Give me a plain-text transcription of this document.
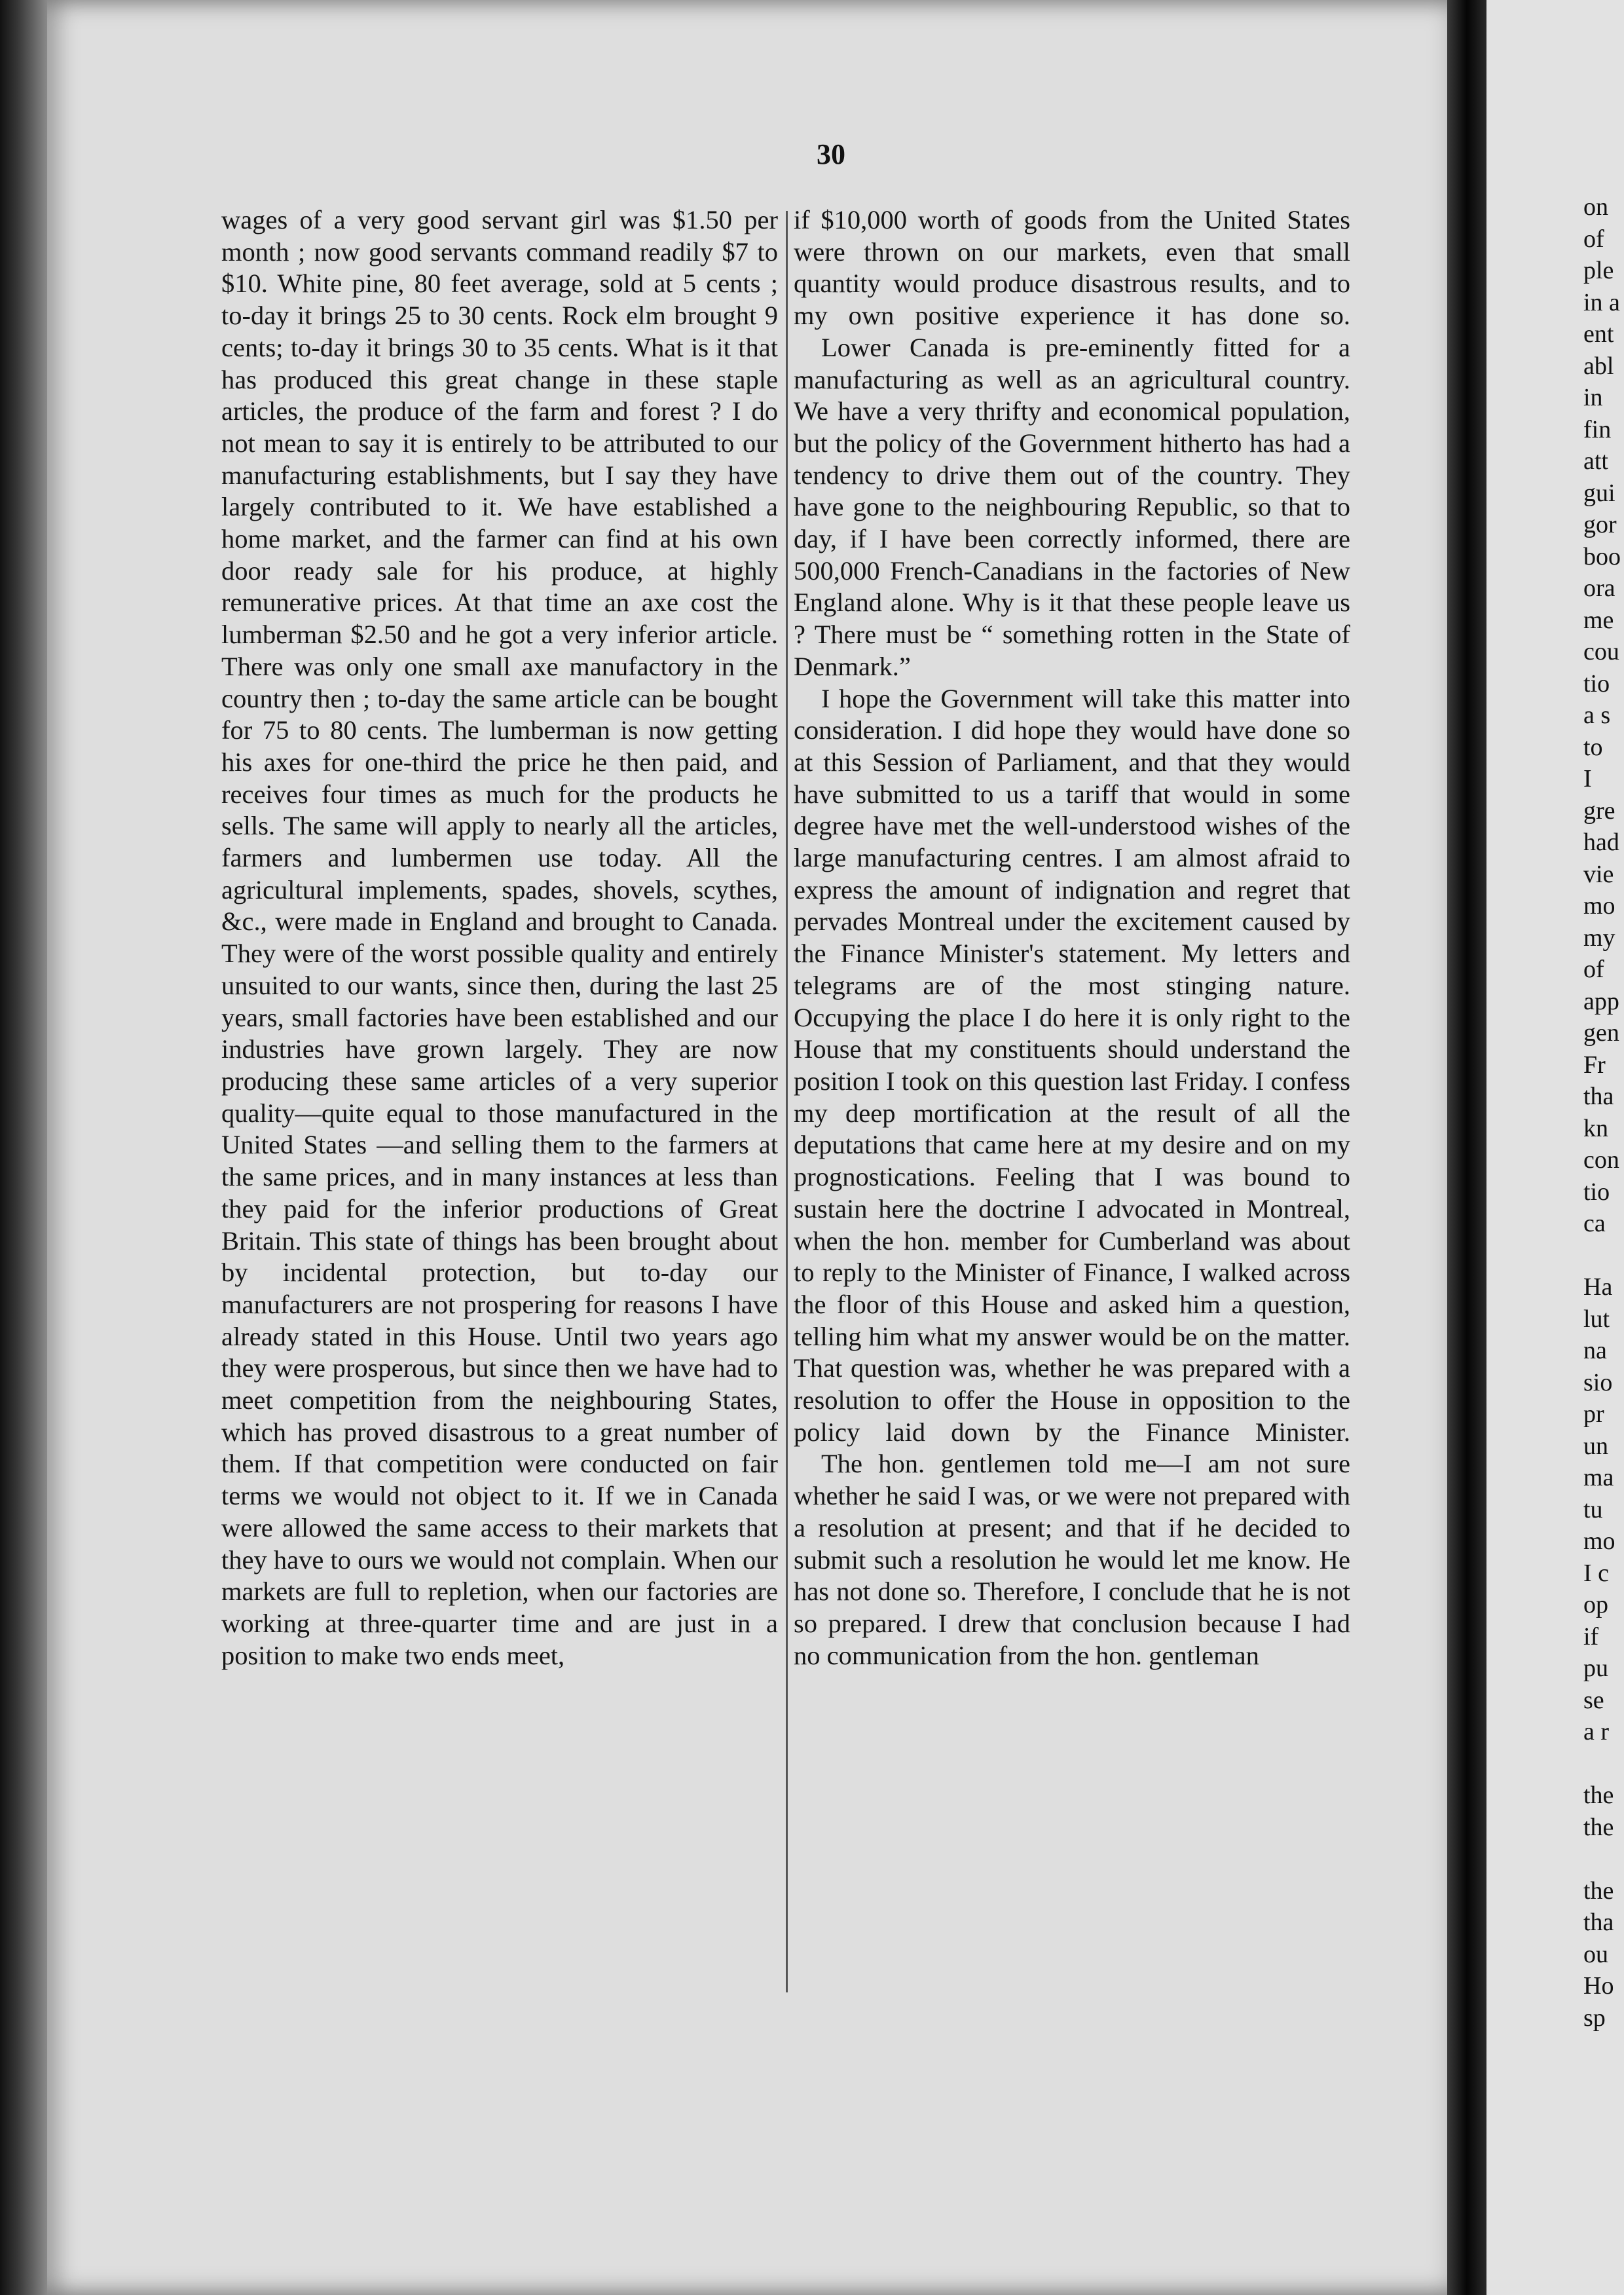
30

wages of a very good servant girl was $1.50 per month ; now good servants command readily $7 to $10. White pine, 80 feet average, sold at 5 cents ; to-day it brings 25 to 30 cents. Rock elm brought 9 cents; to-day it brings 30 to 35 cents. What is it that has produced this great change in these staple articles, the produce of the farm and forest ? I do not mean to say it is entirely to be attributed to our manufacturing establishments, but I say they have largely contributed to it. We have established a home market, and the farmer can find at his own door ready sale for his produce, at highly remunerative prices. At that time an axe cost the lumberman $2.50 and he got a very inferior article. There was only one small axe manufactory in the country then ; to-day the same article can be bought for 75 to 80 cents. The lumberman is now getting his axes for one-third the price he then paid, and receives four times as much for the products he sells. The same will apply to nearly all the articles, farmers and lumbermen use today. All the agricultural implements, spades, shovels, scythes, &c., were made in England and brought to Canada. They were of the worst possible quality and entirely unsuited to our wants, since then, during the last 25 years, small factories have been established and our industries have grown largely. They are now producing these same articles of a very superior quality—quite equal to those manufactured in the United States —and selling them to the farmers at the same prices, and in many instances at less than they paid for the inferior productions of Great Britain. This state of things has been brought about by incidental protection, but to-day our manufacturers are not prospering for reasons I have already stated in this House. Until two years ago they were prosperous, but since then we have had to meet competition from the neighbouring States, which has proved disastrous to a great number of them. If that competition were conducted on fair terms we would not object to it. If we in Canada were allowed the same access to their markets that they have to ours we would not complain. When our markets are full to repletion, when our factories are working at three-quarter time and are just in a position to make two ends meet,

if $10,000 worth of goods from the United States were thrown on our markets, even that small quantity would produce disastrous results, and to my own positive experience it has done so.

Lower Canada is pre-eminently fitted for a manufacturing as well as an agricultural country. We have a very thrifty and economical population, but the policy of the Government hitherto has had a tendency to drive them out of the country. They have gone to the neighbouring Republic, so that to day, if I have been correctly informed, there are 500,000 French-Canadians in the factories of New England alone. Why is it that these people leave us ? There must be “ something rotten in the State of Denmark.”

I hope the Government will take this matter into consideration. I did hope they would have done so at this Session of Parliament, and that they would have submitted to us a tariff that would in some degree have met the well-understood wishes of the large manufacturing centres. I am almost afraid to express the amount of indignation and regret that pervades Montreal under the excitement caused by the Finance Minister's statement. My letters and telegrams are of the most stinging nature. Occupying the place I do here it is only right to the House that my constituents should understand the position I took on this question last Friday. I confess my deep mortification at the result of all the deputations that came here at my desire and on my prognostications. Feeling that I was bound to sustain here the doctrine I advocated in Montreal, when the hon. member for Cumberland was about to reply to the Minister of Finance, I walked across the floor of this House and asked him a question, telling him what my answer would be on the matter. That question was, whether he was prepared with a resolution to offer the House in opposition to the policy laid down by the Finance Minister.

The hon. gentlemen told me—I am not sure whether he said I was, or we were not prepared with a resolution at present; and that if he decided to submit such a resolution he would let me know. He has not done so. Therefore, I conclude that he is not so prepared. I drew that conclusion because I had no communication from the hon. gentleman

on
of
ple
in a
ent
abl
in
fin
att
gui
gor
boo
ora
me
cou
tio
a s
to
I
gre
had
vie
mo
my
of
app
gen
Fr
tha
kn
con
tio
ca

Ha
lut
na
sio
pr
un
ma
tu
mo
I c
op
if
pu
se
a r

the
the

the
tha
ou
Ho
sp
